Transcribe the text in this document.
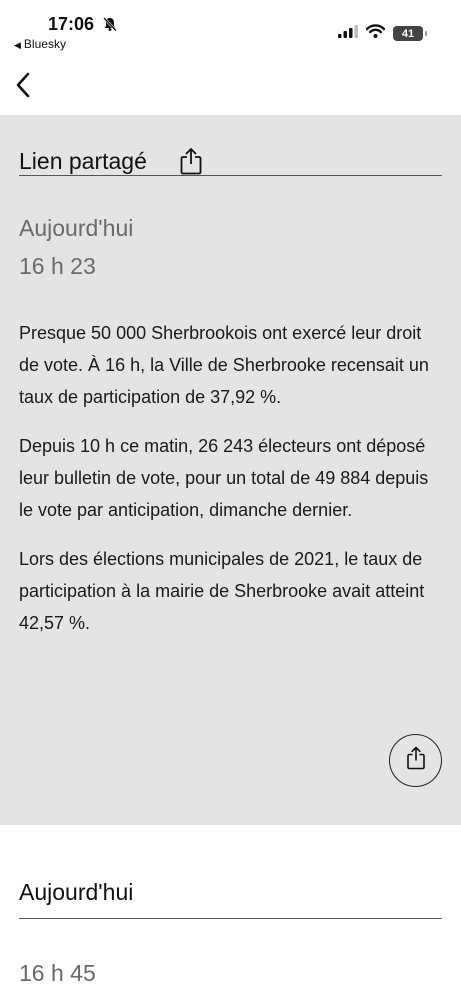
17:06
◀ Bluesky
41
Lien partagé
Aujourd'hui
16 h 23

Presque 50 000 Sherbrookois ont exercé leur droit de vote. À 16 h, la Ville de Sherbrooke recensait un taux de participation de 37,92 %.

Depuis 10 h ce matin, 26 243 électeurs ont déposé leur bulletin de vote, pour un total de 49 884 depuis le vote par anticipation, dimanche dernier.

Lors des élections municipales de 2021, le taux de participation à la mairie de Sherbrooke avait atteint 42,57 %.

Aujourd'hui
16 h 45
